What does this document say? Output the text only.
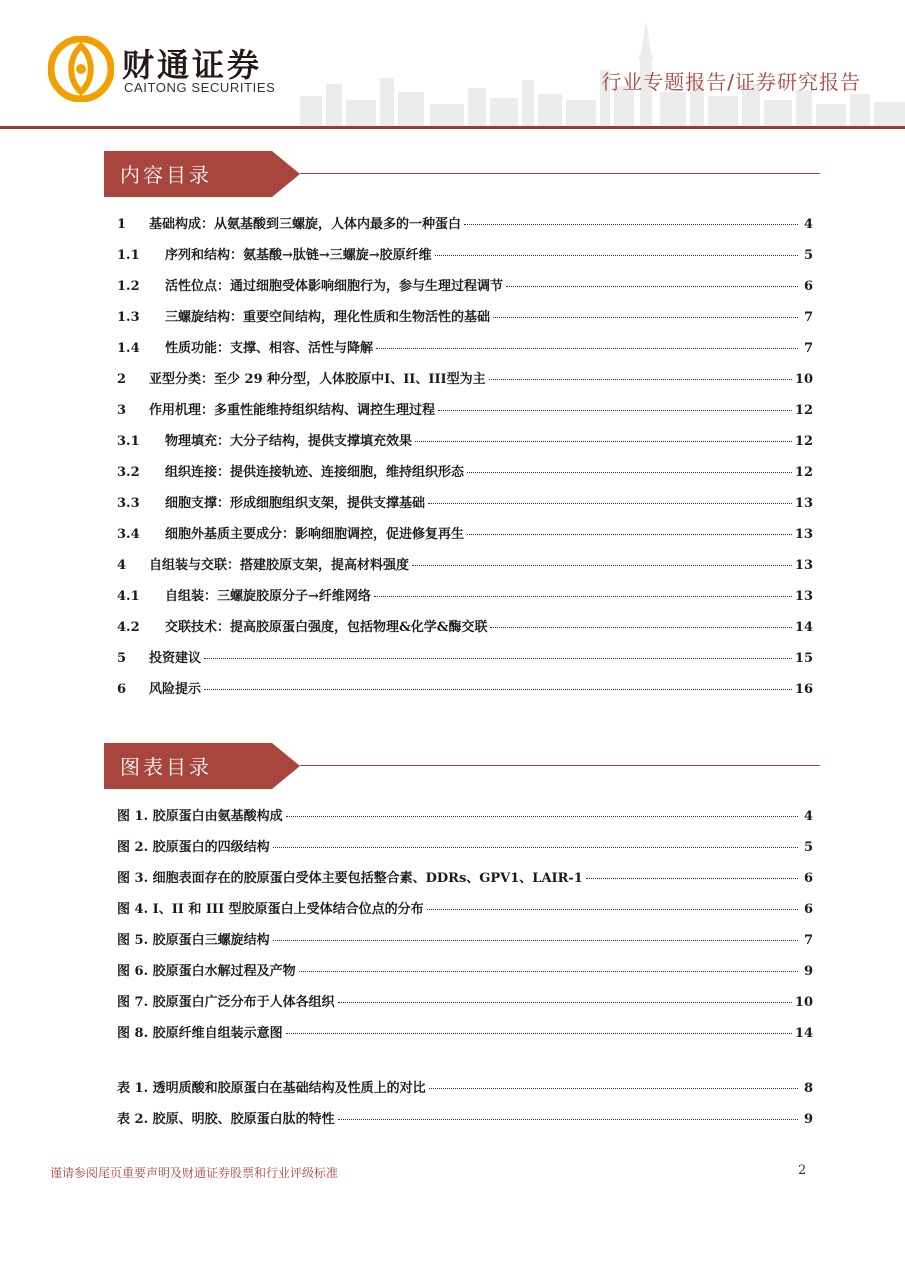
财通证券
CAITONG SECURITIES	行业专题报告/证券研究报告
内容目录
1	基础构成：从氨基酸到三螺旋，人体内最多的一种蛋白	4
1.1	序列和结构：氨基酸→肽链→三螺旋→胶原纤维	5
1.2	活性位点：通过细胞受体影响细胞行为，参与生理过程调节	6
1.3	三螺旋结构：重要空间结构，理化性质和生物活性的基础	7
1.4	性质功能：支撑、相容、活性与降解	7
2	亚型分类：至少 29 种分型，人体胶原中I、II、III型为主	10
3	作用机理：多重性能维持组织结构、调控生理过程	12
3.1	物理填充：大分子结构，提供支撑填充效果	12
3.2	组织连接：提供连接轨迹、连接细胞，维持组织形态	12
3.3	细胞支撑：形成细胞组织支架，提供支撑基础	13
3.4	细胞外基质主要成分：影响细胞调控，促进修复再生	13
4	自组装与交联：搭建胶原支架，提高材料强度	13
4.1	自组装：三螺旋胶原分子→纤维网络	13
4.2	交联技术：提高胶原蛋白强度，包括物理&化学&酶交联	14
5	投资建议	15
6	风险提示	16
图表目录
图 1. 胶原蛋白由氨基酸构成	4
图 2. 胶原蛋白的四级结构	5
图 3. 细胞表面存在的胶原蛋白受体主要包括整合素、DDRs、GPV1、LAIR-1	6
图 4. I、II 和 III 型胶原蛋白上受体结合位点的分布	6
图 5. 胶原蛋白三螺旋结构	7
图 6. 胶原蛋白水解过程及产物	9
图 7. 胶原蛋白广泛分布于人体各组织	10
图 8. 胶原纤维自组装示意图	14
表 1. 透明质酸和胶原蛋白在基础结构及性质上的对比	8
表 2. 胶原、明胶、胶原蛋白肽的特性	9
谨请参阅尾页重要声明及财通证券股票和行业评级标准	2
